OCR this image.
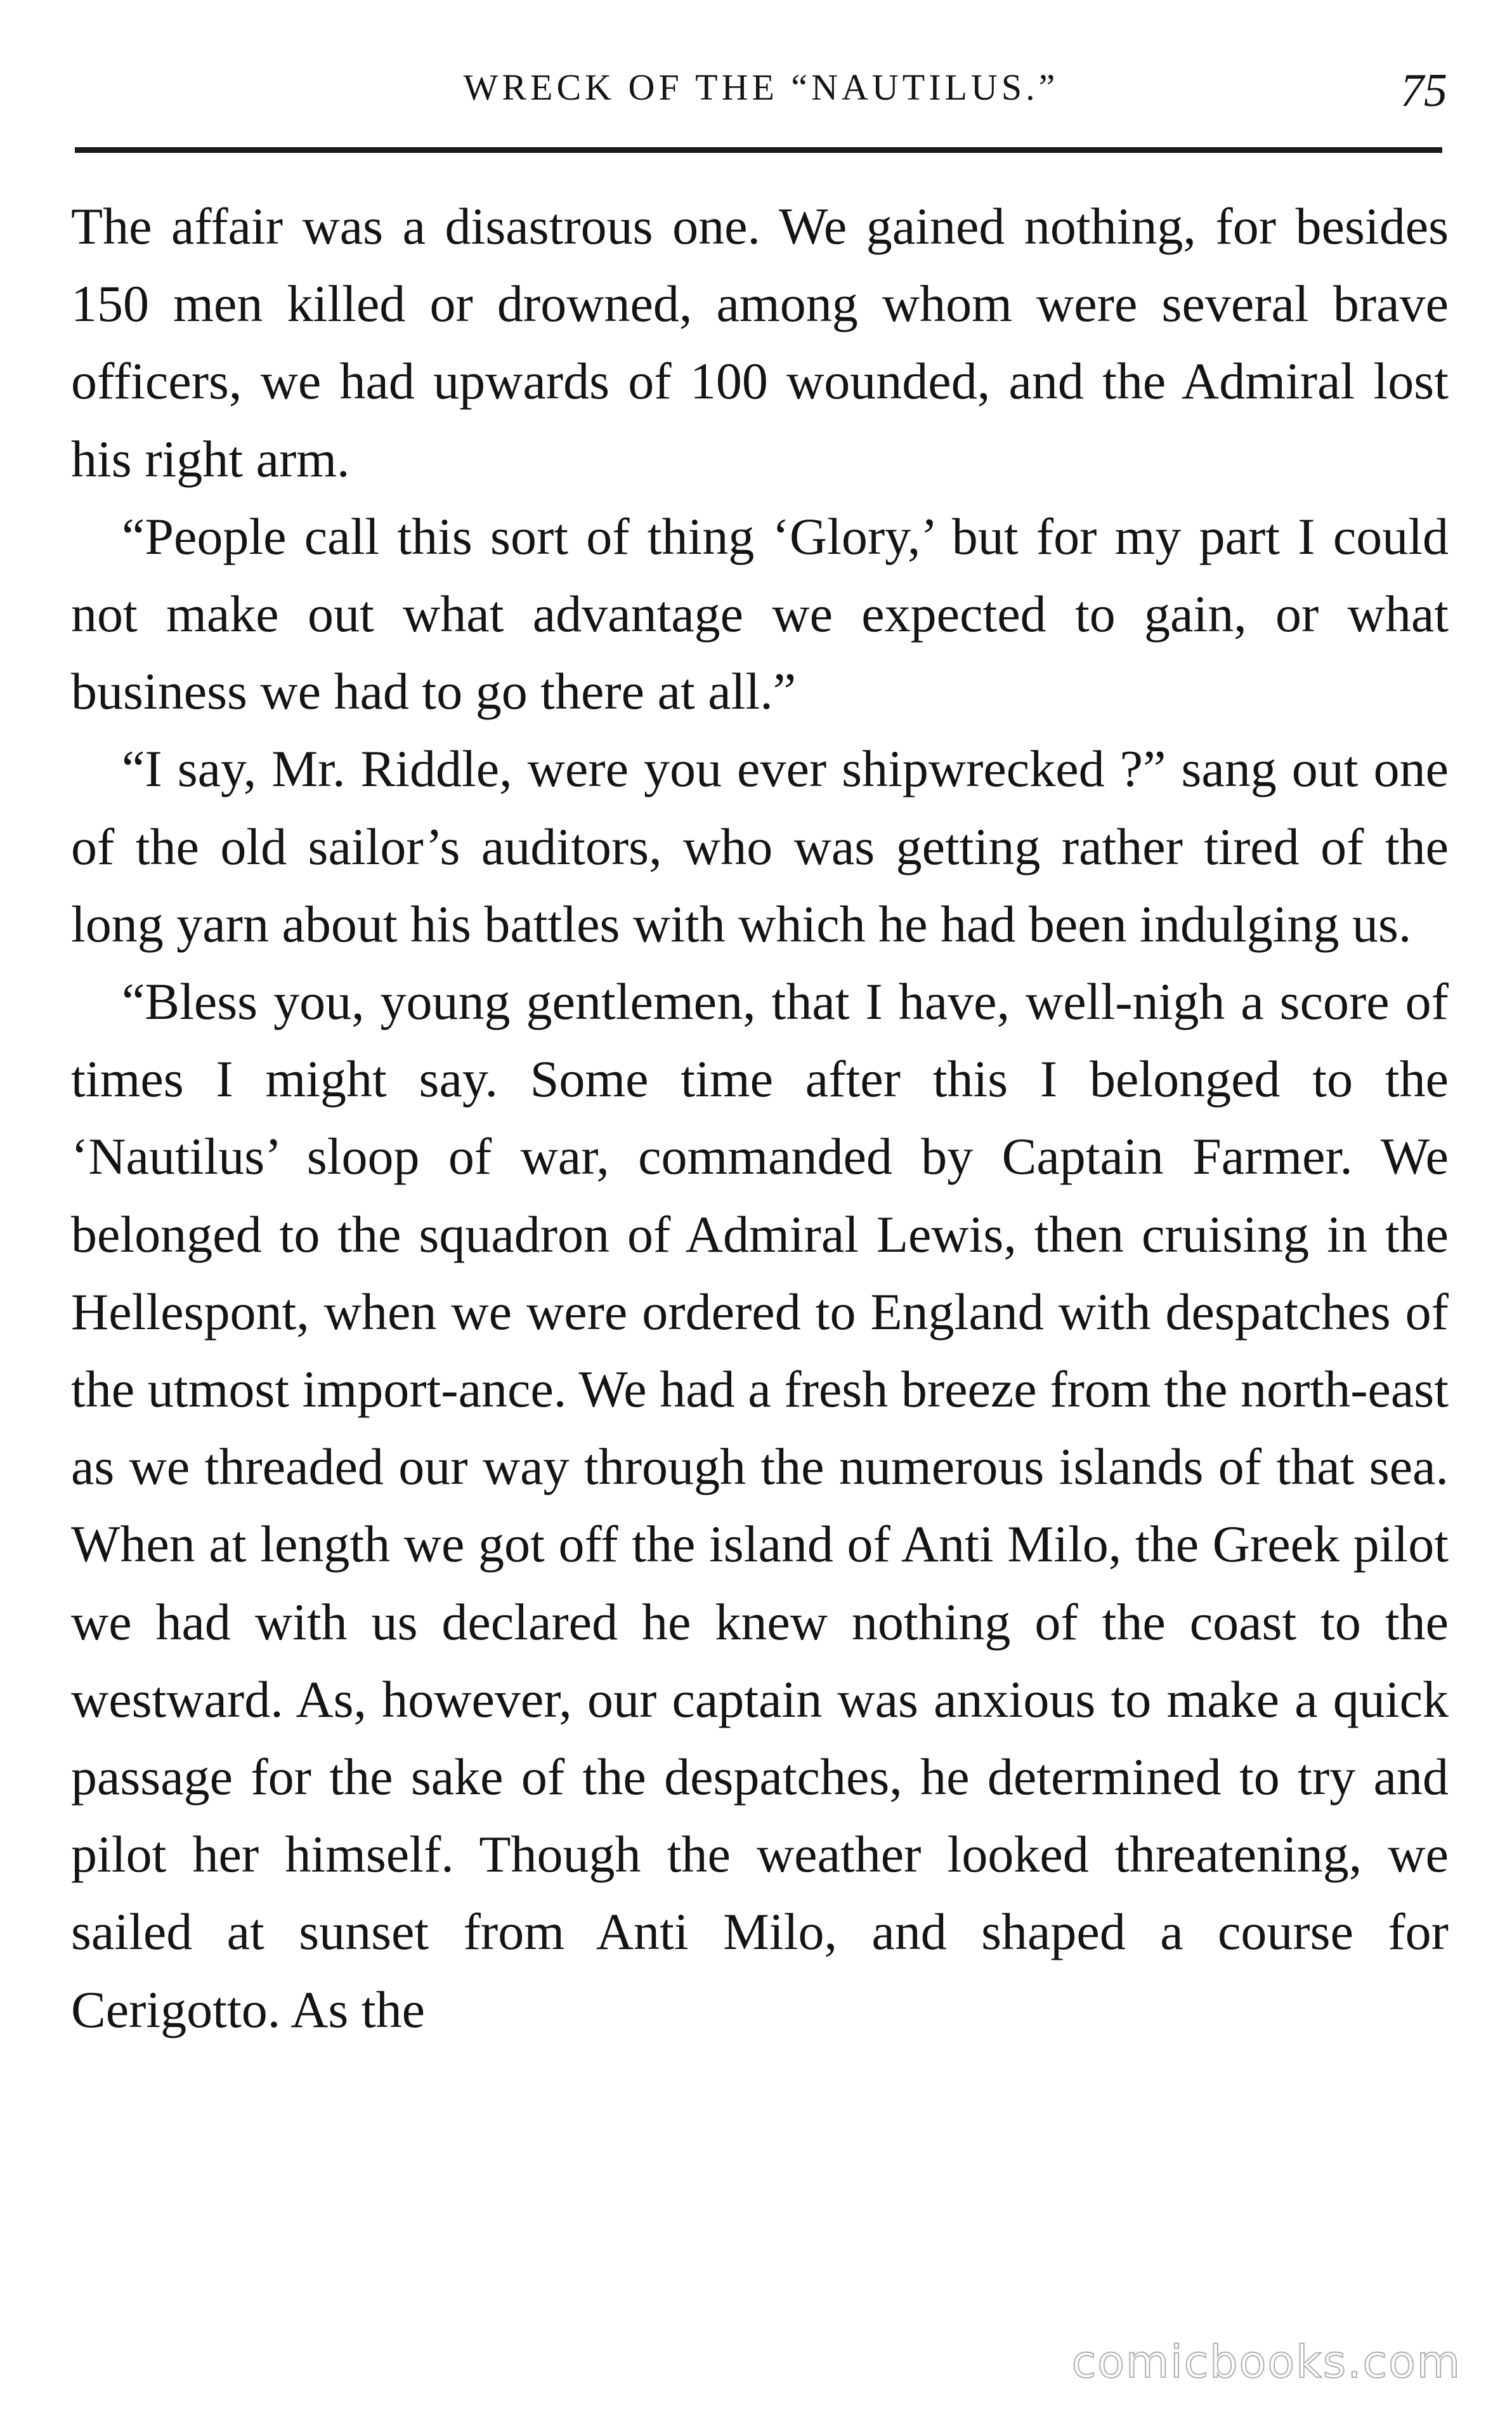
WRECK OF THE “NAUTILUS.”	75

The affair was a disastrous one. We gained nothing, for besides 150 men killed or drowned, among whom were several brave officers, we had upwards of 100 wounded, and the Admiral lost his right arm.

“People call this sort of thing ‘Glory,’ but for my part I could not make out what advantage we expected to gain, or what business we had to go there at all.”

“I say, Mr. Riddle, were you ever shipwrecked ?” sang out one of the old sailor’s auditors, who was getting rather tired of the long yarn about his battles with which he had been indulging us.

“Bless you, young gentlemen, that I have, well-nigh a score of times I might say. Some time after this I belonged to the ‘Nautilus’ sloop of war, commanded by Captain Farmer. We belonged to the squadron of Admiral Lewis, then cruising in the Hellespont, when we were ordered to England with despatches of the utmost import-ance. We had a fresh breeze from the north-east as we threaded our way through the numerous islands of that sea. When at length we got off the island of Anti Milo, the Greek pilot we had with us declared he knew nothing of the coast to the westward. As, however, our captain was anxious to make a quick passage for the sake of the despatches, he determined to try and pilot her himself. Though the weather looked threatening, we sailed at sunset from Anti Milo, and shaped a course for Cerigotto. As the

comicbooks.com
